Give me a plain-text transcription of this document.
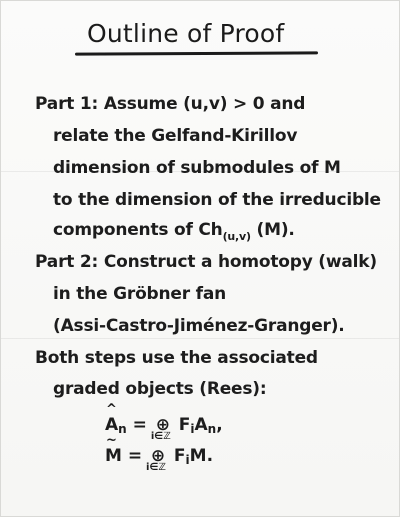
Outline of Proof
Part 1: Assume (u,v) > 0 and
relate the Gelfand-Kirillov
dimension of submodules of M
to the dimension of the irreducible
components of $Ch_{(u,v)}$ (M).
Part 2: Construct a homotopy (walk)
in the Gröbner fan
(Assi-Castro-Jiménez-Granger).
Both steps use the associated
graded objects (Rees):
^
An = ⊕
i∈ℤ
FiAn,
~
M = ⊕
i∈ℤ
FiM.
